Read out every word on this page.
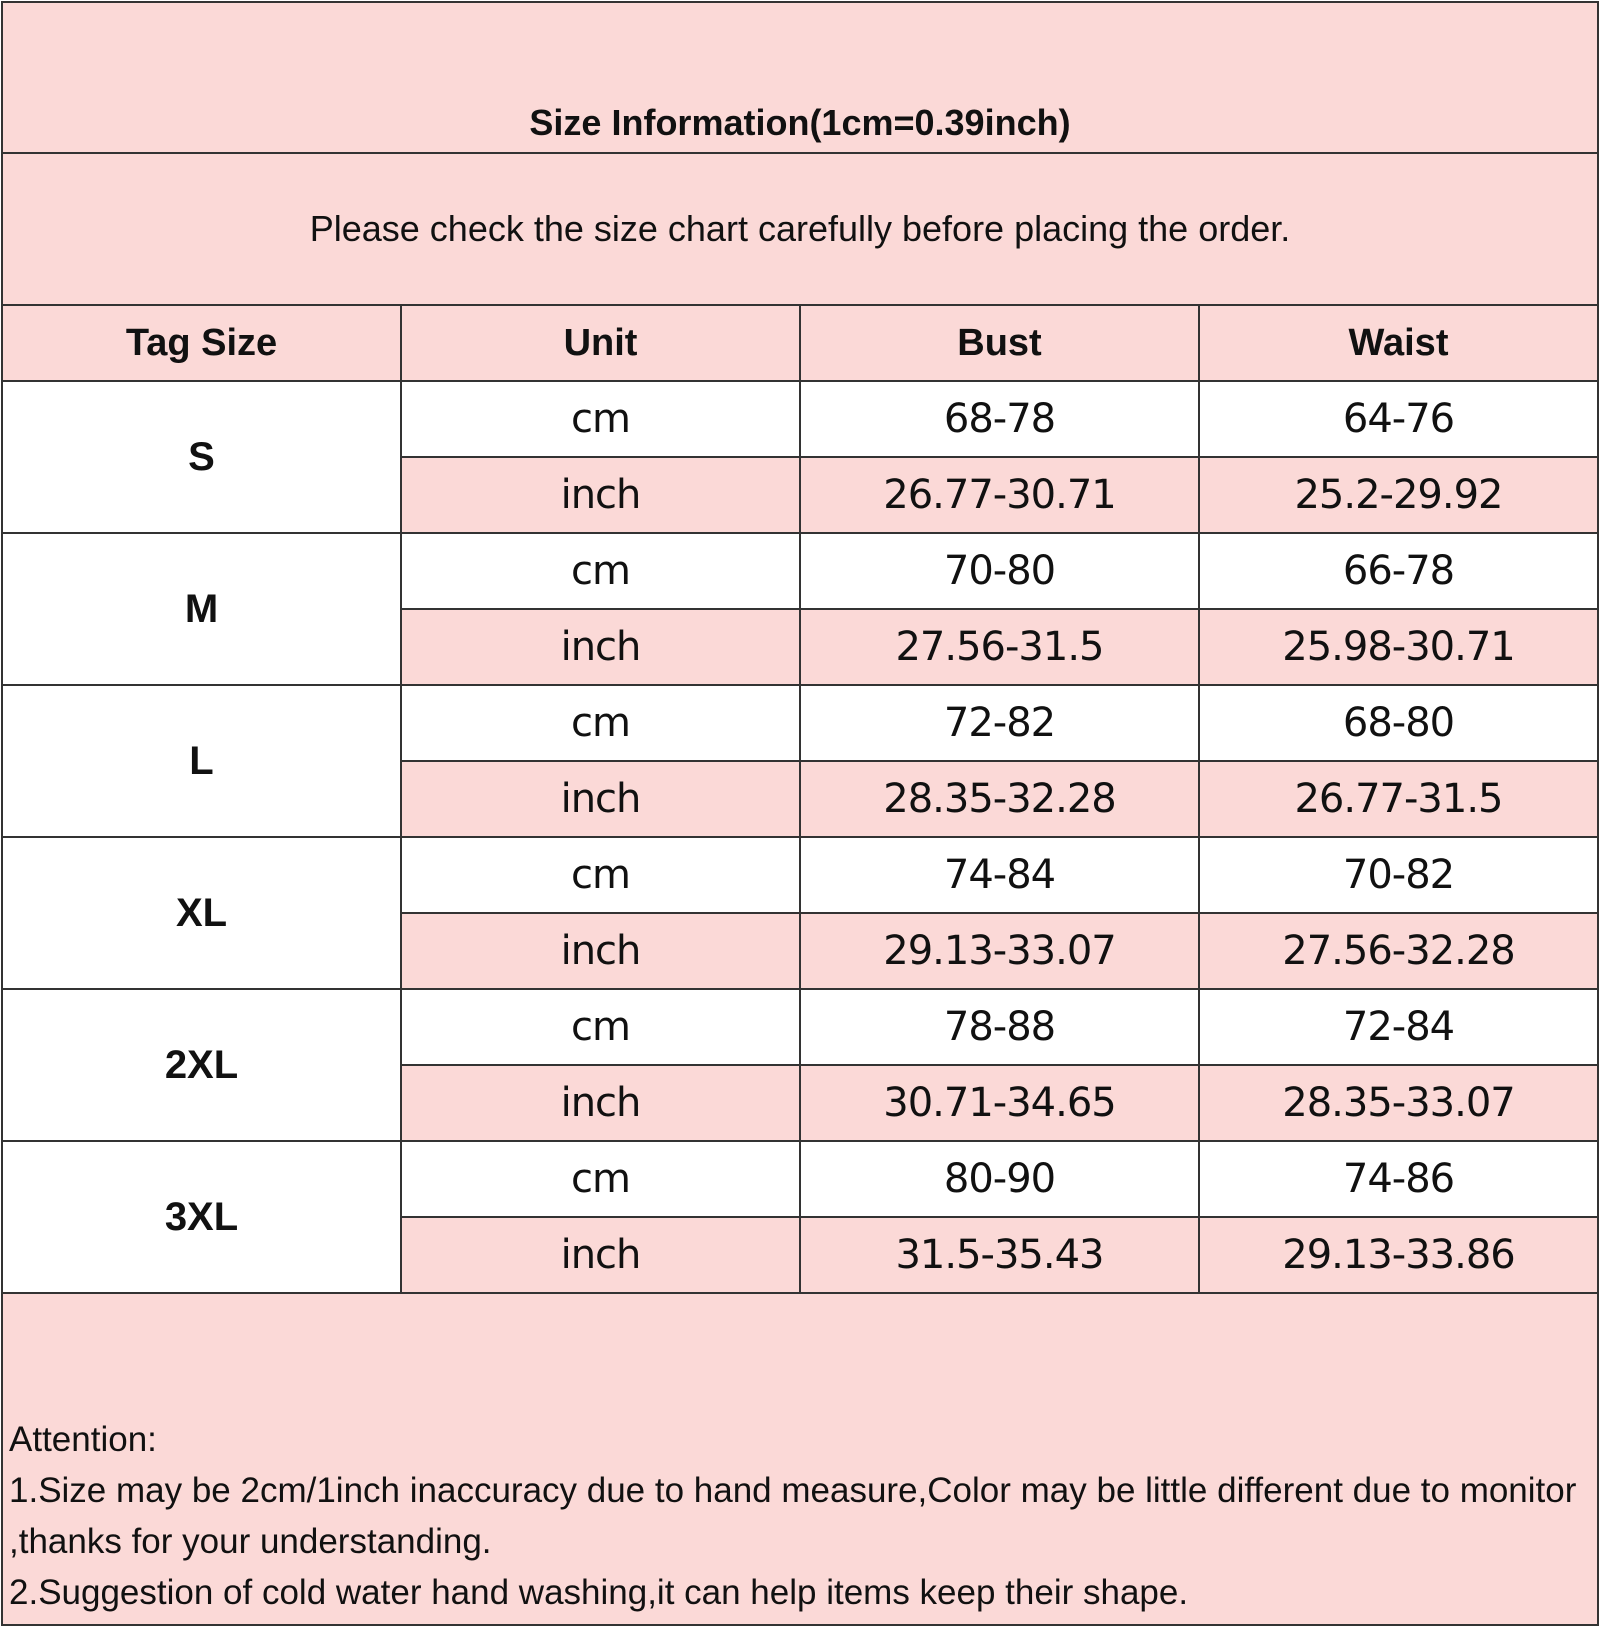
Size Information(1cm=0.39inch)			
Please check the size chart carefully before placing the order.			
Tag Size	Unit	Bust	Waist
S	cm	68-78	64-76
	inch	26.77-30.71	25.2-29.92
M	cm	70-80	66-78
	inch	27.56-31.5	25.98-30.71
L	cm	72-82	68-80
	inch	28.35-32.28	26.77-31.5
XL	cm	74-84	70-82
	inch	29.13-33.07	27.56-32.28
2XL	cm	78-88	72-84
	inch	30.71-34.65	28.35-33.07
3XL	cm	80-90	74-86
	inch	31.5-35.43	29.13-33.86

Attention:
1.Size may be 2cm/1inch inaccuracy due to hand measure,Color may be little different due to monitor
,thanks for your understanding.
2.Suggestion of cold water hand washing,it can help items keep their shape.			
